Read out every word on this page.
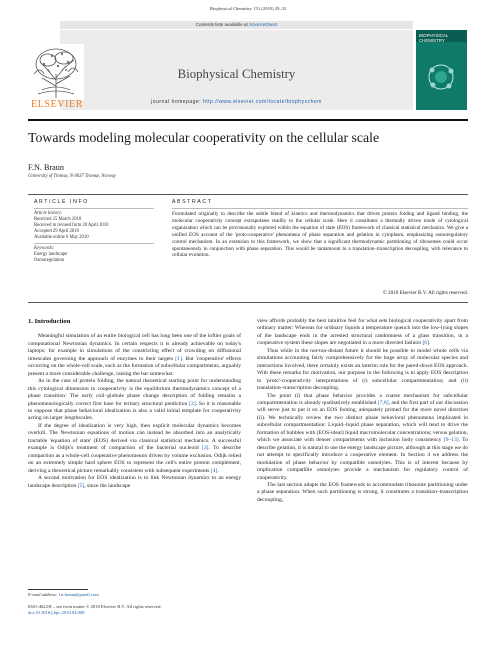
Biophysical Chemistry 151 (2010) 29–33
Contents lists available at ScienceDirect
ELSEVIER
Biophysical Chemistry
journal homepage: http://www.elsevier.com/locate/biophyschem
BIOPHYSICAL CHEMISTRY
Towards modeling molecular cooperativity on the cellular scale
F.N. Braun
University of Tromsø, N-9037 Tromsø, Norway
ARTICLE INFO	ABSTRACT
Article history:
Received 25 March 2010
Received in revised form 28 April 2010
Accepted 29 April 2010
Available online 6 May 2010
Keywords:
Energy landscape
Osmoregulation
Formulated originally to describe the subtle blend of kinetics and thermodynamics that drives protein folding and ligand binding, the molecular cooperativity concept extrapolates readily to the cellular scale. Here it constitutes a thermally driven mode of cytological organization which can be provisionally explored within the equation of state (EOS) framework of classical statistical mechanics. We give a unified EOS account of the 'proto-cooperative' phenomena of phase separation and gelation in cytoplasm, emphasizing osmoregulatory control mechanism. In an extension to this framework, we show that a significant thermodynamic partitioning of ribosomes could occur spontaneously in conjunction with phase separation. This would be tantamount to a translation–transcription decoupling, with relevance to cellular evolution.
© 2010 Elsevier B.V. All rights reserved.
1. Introduction

Meaningful simulation of an entire biological cell has long been one of the loftier goals of computational Newtonian dynamics. In certain respects it is already achievable on today's laptops; for example in simulations of the constricting effect of crowding on diffusional timescales governing the approach of enzymes to their targets [1]. But 'cooperative' effects occurring on the whole-cell scale, such as the formation of subcellular compartments, arguably present a more considerable challenge, raising the bar somewhat.

As in the case of protein folding, the natural theoretical starting point for understanding this cytological dimension to cooperativity is the equilibrium thermodynamics concept of a phase transition: The early coil–globule phase change description of folding remains a phenomenologically correct first base for tertiary structural prediction [2]. So it is reasonable to suppose that phase behavioral idealization is also a valid initial template for cooperativity acting on larger lengthscales.

If the degree of idealization is very high, then explicit molecular dynamics becomes overkill. The Newtonian equations of motion can instead be absorbed into an analytically tractable 'equation of state' (EOS) derived via classical statistical mechanics. A successful example is Odijk's treatment of compaction of the bacterial nucleoid [3]. To describe compaction as a whole-cell cooperative phenomenon driven by volume exclusion, Odijk relied on an extremely simple hard sphere EOS to represent the cell's entire protein complement, deriving a theoretical picture remarkably consistent with subsequent experiments [4].

A second motivation for EOS idealization is to link Newtonian dynamics to an energy landscape description [5], since the landscape

view affords probably the best intuitive feel for what sets biological cooperativity apart from ordinary matter: Whereas for ordinary liquids a temperature quench into the low-lying slopes of the landscape ends in the arrested structural randomness of a glass transition, in a cooperative system these slopes are negotiated in a more directed fashion [6].

Thus while in the not-too-distant future it should be possible to model whole cells via simulations accounting fairly comprehensively for the huge array of molecular species and interactions involved, there certainly exists an interim role for the pared-down EOS approach. With these remarks for motivation, our purpose in the following is to apply EOS description to 'proto'-cooperativity interpretations of (i) subcellular compartmentation; and (ii) translation–transcription decoupling.

The point (i) that phase behavior provides a coarse mechanism for subcellular compartmentation is already qualitatively established [7,8], and the first part of our discussion will serve just to put it on an EOS footing, adequately primed for the more novel direction (ii). We technically review the two distinct phase behavioral phenomena implicated in subcellular compartmentation: Liquid–liquid phase separation, which will tend to drive the formation of bubbles with (EOS-ideal) liquid macromolecular concentrations; versus gelation, which we associate with denser compartments with inclusion body consistency [9–13]. To describe gelation, it is natural to use the energy landscape picture, although at this stage we do not attempt to specifically introduce a cooperative element. In Section 4 we address the modulation of phase behavior by compatible osmolytes. This is of interest because by implication compatible osmolytes provide a mechanism for regulatory control of cooperativity.

The last section adapts the EOS framework to accommodate ribosome partitioning under a phase separation. When such partitioning is strong, it constitutes a transition–transcription decoupling,

E-mail address: f.n.braun@gmail.com
0301-4622/$ – see front matter © 2010 Elsevier B.V. All rights reserved.
doi:10.1016/j.bpc.2010.04.008
